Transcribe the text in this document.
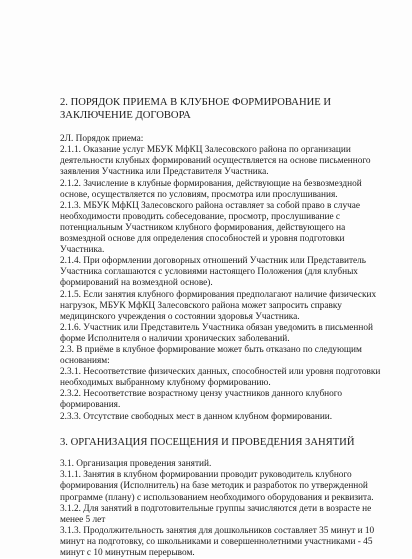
2. ПОРЯДОК ПРИЕМА В КЛУБНОЕ ФОРМИРОВАНИЕ И ЗАКЛЮЧЕНИЕ ДОГОВОРА

2Л. Порядок приема:

2.1.1. Оказание услуг МБУК МфКЦ Залесовского района по организации деятельности клубных формирований осуществляется на основе письменного заявления Участника или Представителя Участника.

2.1.2. Зачисление в клубные формирования, действующие на безвозмездной основе, осуществляется по условиям, просмотра или прослушивания.

2.1.3. МБУК МфКЦ Залесовского района оставляет за собой право в случае необходимости проводить собеседование, просмотр, прослушивание с потенциальным Участником клубного формирования, действующего на возмездной основе для определения способностей и уровня подготовки Участника.

2.1.4. При оформлении договорных отношений Участник или Представитель Участника соглашаются с условиями настоящего Положения (для клубных формирований на возмездной основе).

2.1.5. Если занятия клубного формирования предполагают наличие физических нагрузок, МБУК МфКЦ Залесовского района может запросить справку медицинского учреждения о состоянии здоровья Участника.

2.1.6. Участник или Представитель Участника обязан уведомить в письменной форме Исполнителя о наличии хронических заболеваний.

2.3. В приёме в клубное формирование может быть отказано по следующим основаниям:

2.3.1. Несоответствие физических данных, способностей или уровня подготовки необходимых выбранному клубному формированию.

2.3.2. Несоответствие возрастному цензу участников данного клубного формирования.

2.3.3. Отсутствие свободных мест в данном клубном формировании.

3. ОРГАНИЗАЦИЯ ПОСЕЩЕНИЯ И ПРОВЕДЕНИЯ ЗАНЯТИЙ

3.1. Организация проведения занятий.

3.1.1. Занятия в клубном формировании проводит руководитель клубного формирования (Исполнитель) на базе методик и разработок по утвержденной программе (плану) с использованием необходимого оборудования и реквизита.

3.1.2. Для занятий в подготовительные группы зачисляются дети в возрасте не менее 5 лет

3.1.3. Продолжительность занятия для дошкольников составляет 35 минут и 10 минут на подготовку, со школьниками и совершеннолетними участниками - 45 минут с 10 минутным перерывом.
